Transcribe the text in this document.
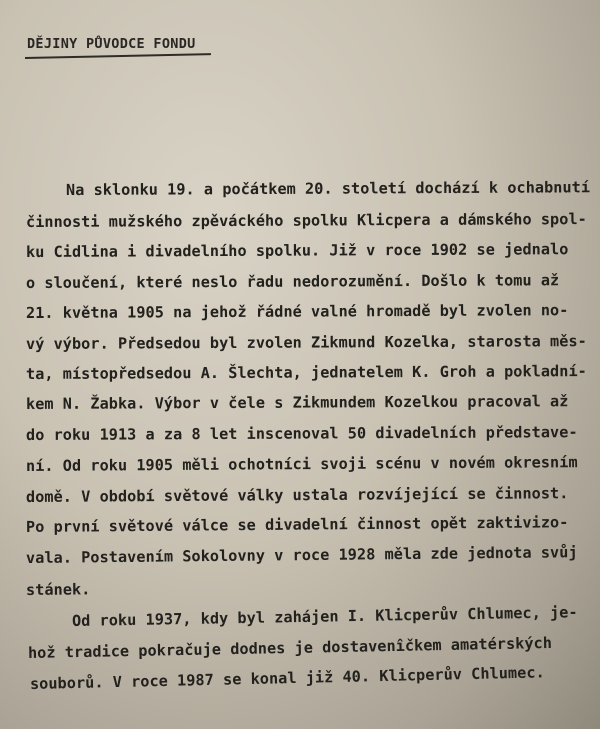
DĚJINY PŮVODCE FONDU
Na sklonku 19. a počátkem 20. století dochází k ochabnutí
činnosti mužského zpěváckého spolku Klicpera a dámského spol-
ku Cidlina i divadelního spolku. Již v roce 1902 se jednalo
o sloučení, které neslo řadu nedorozumění. Došlo k tomu až
21. května 1905 na jehož řádné valné hromadě byl zvolen no-
vý výbor. Předsedou byl zvolen Zikmund Kozelka, starosta měs-
ta, místopředsedou A. Šlechta, jednatelem K. Groh a pokladní-
kem N. Žabka. Výbor v čele s Zikmundem Kozelkou pracoval až
do roku 1913 a za 8 let inscenoval 50 divadelních představe-
ní. Od roku 1905 měli ochotníci svoji scénu v novém okresním
domě. V období světové války ustala rozvíjející se činnost.
Po první světové válce se divadelní činnost opět zaktivizo-
vala. Postavením Sokolovny v roce 1928 měla zde jednota svůj
stánek.
Od roku 1937, kdy byl zahájen I. Klicperův Chlumec, je-
hož tradice pokračuje dodnes je dostavenîčkem amatérských
souborů. V roce 1987 se konal již 40. Klicperův Chlumec.
